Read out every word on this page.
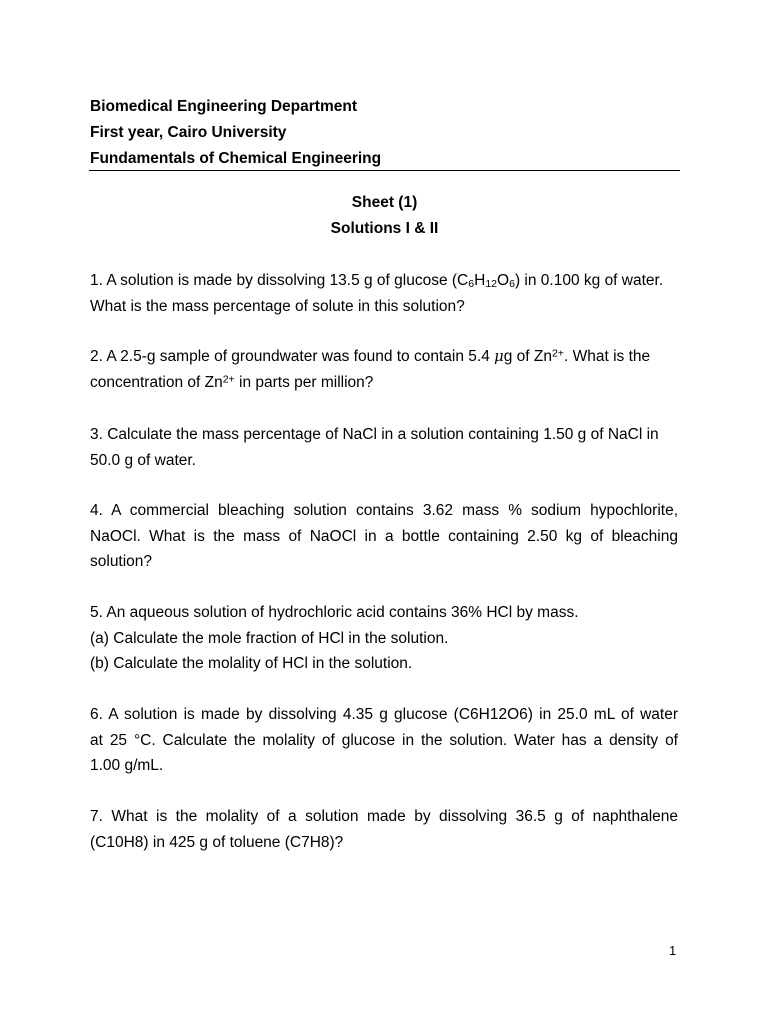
Biomedical Engineering Department
First year, Cairo University
Fundamentals of Chemical Engineering
Sheet (1)
Solutions I & II
1. A solution is made by dissolving 13.5 g of glucose $(C_6H_{12}O_6)$ in 0.100 kg of water.
What is the mass percentage of solute in this solution?
2. A 2.5-g sample of groundwater was found to contain 5.4 μg of $Zn^{2+}$. What is the
concentration of $Zn^{2+}$ in parts per million?
3. Calculate the mass percentage of NaCl in a solution containing 1.50 g of NaCl in
50.0 g of water.
4. A commercial bleaching solution contains 3.62 mass % sodium hypochlorite,
NaOCl. What is the mass of NaOCl in a bottle containing 2.50 kg of bleaching
solution?
5. An aqueous solution of hydrochloric acid contains 36% HCl by mass.
(a) Calculate the mole fraction of HCl in the solution.
(b) Calculate the molality of HCl in the solution.
6. A solution is made by dissolving 4.35 g glucose (C6H12O6) in 25.0 mL of water
at 25 °C. Calculate the molality of glucose in the solution. Water has a density of
1.00 g/mL.
7. What is the molality of a solution made by dissolving 36.5 g of naphthalene
(C10H8) in 425 g of toluene (C7H8)?
1
